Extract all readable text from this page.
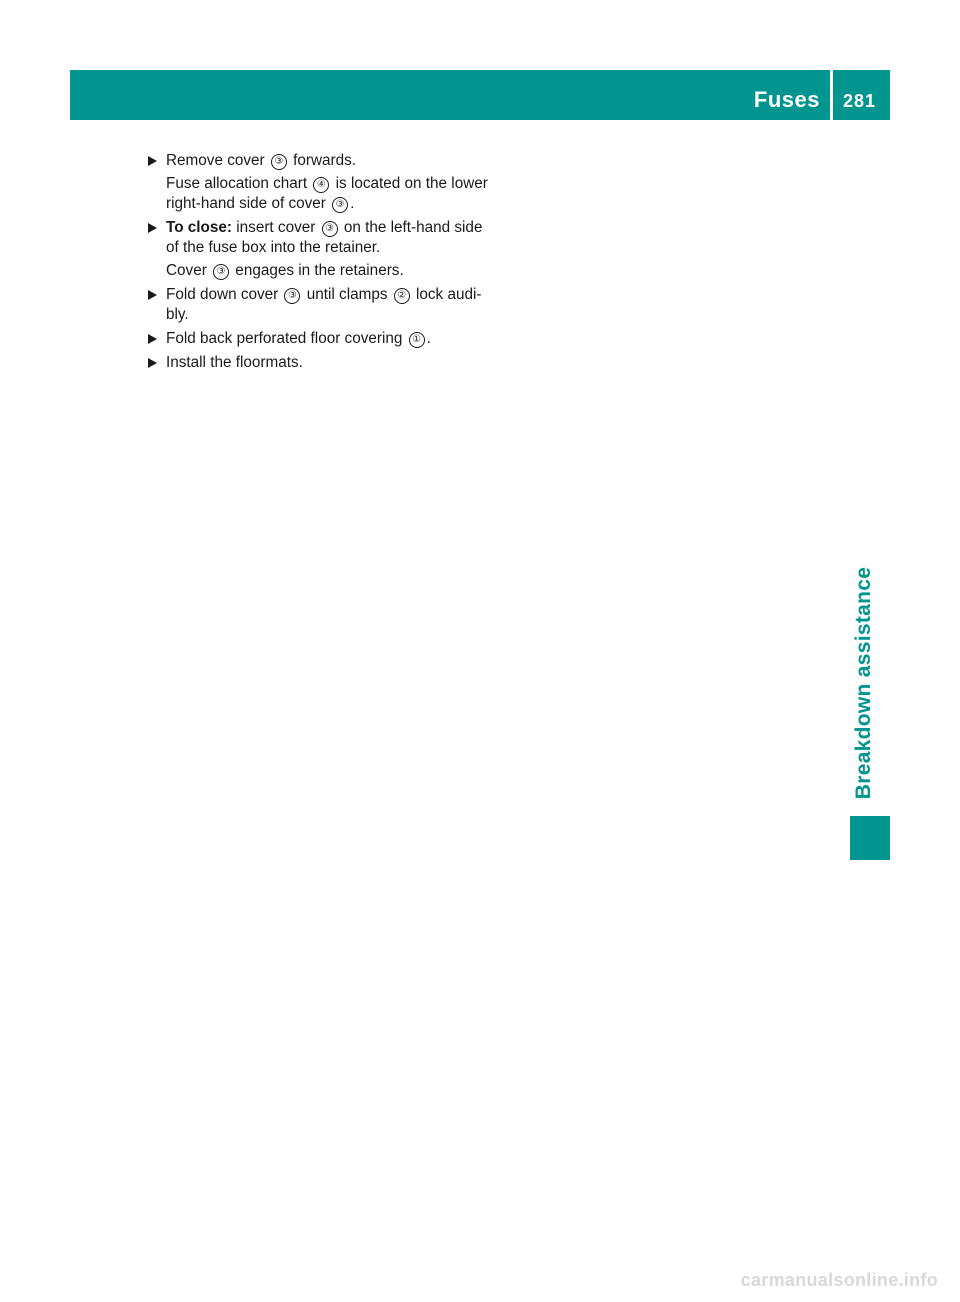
Fuses 281

Remove cover ③ forwards.

Fuse allocation chart ④ is located on the lower right-hand side of cover ③ .

To close: insert cover ③ on the left-hand side of the fuse box into the retainer.

Cover ③ engages in the retainers.

Fold down cover ③ until clamps ② lock audi- bly.

Fold back perforated floor covering ① .

Install the floormats.

Breakdown assistance
carmanualsonline.info
